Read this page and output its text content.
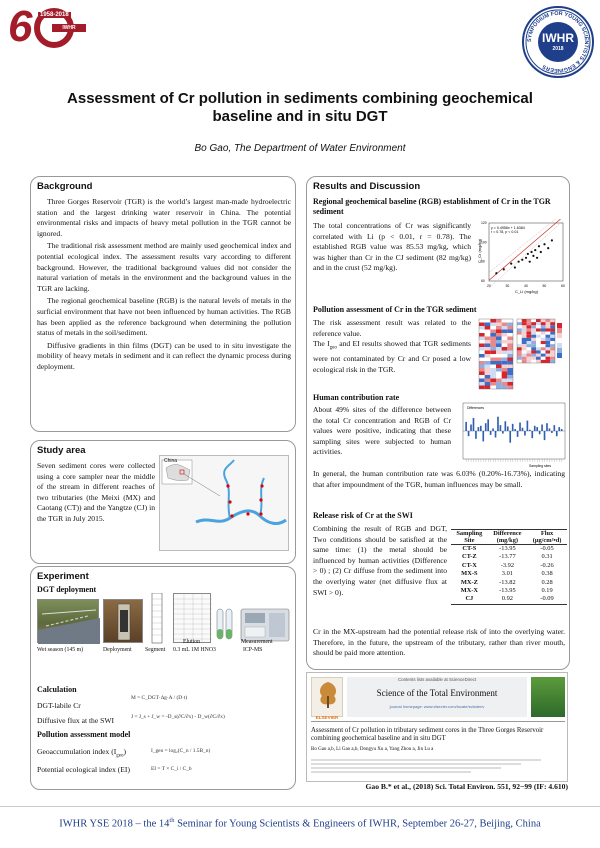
6	1958-2018
IWHR
SYMPOSIUM FOR YOUNG SCIENTISTS & ENGINEERS
IWHR
2018
Assessment of Cr pollution in sediments combining geochemical
baseline and in situ DGT
Bo Gao, The Department of Water Environment
Background

Three Gorges Reservoir (TGR) is the world’s largest man-made hydroelectric station and the largest drinking water reservoir in China. The potential environmental risks and impacts of heavy metal pollution in the TGR cannot be ignored.

The traditional risk assessment method are mainly used geochemical index and potential ecological index. The assessment results vary according to different background. However, the traditional background values did not consider the natural variation of metals in the environment and the background values in the TGR are lacking.

The regional geochemical baseline (RGB) is the natural levels of metals in the surficial environment that have not been influenced by human activities. The RGB has been applied as the reference background when determining the pollution status of metals in the soil/sediment.

Diffusive gradients in thin films (DGT) can be used to in situ investigate the mobility of heavy metals in sediment and it can reflect the dynamic process during deployment.

Study area
Seven sediment cores were collected using a core sampler near the middle of the stream in different reaches of two tributaries (the Meixi (MX) and Caotang (CT)) and the Yangtze (CJ) in the TGR in July 2015.
China
Experiment
DGT deployment
Wet season (145 m)	Deployment Segment
Elution
0.3 mL 1M HNO3
Measurement
ICP-MS
Calculation
DGT-labile Cr
Diffusive flux at the SWI
M = C_DGT·Δg·A / (D·t)
J = J_s + J_w = -D_s(∂C/∂x) - D_w(∂C/∂x)
Pollution assessment model
Geoaccumulation index $(I_{geo})$
Potential ecological index (EI)
I_geo = log₂(C_n / 1.5B_n)
EI = T × C_i / C_b
Results and Discussion
Regional geochemical baseline (RGB) establishment of Cr in the TGR sediment
The total concentrations of Cr was significantly correlated with Li (p < 0.01, r = 0.78). The established RGB value was 85.53 mg/kg, which was higher than Cr in the CJ sediment (82 mg/kg) and in the crust (52 mg/kg).
y = 0.4956x + 1.6384
r = 0.78, p < 0.01
C_Li (mg/kg)
C_Cr (mg/kg)
20	30	40	50	60
60
80
100
120
Pollution assessment of Cr in the TGR sediment
The risk assessment result was related to the reference value.
The $I_{geo}$ and EI results showed that TGR sediments were not contaminated by Cr and Cr posed a low ecological risk in the TGR.
Human contribution rate
About 49% sites of the difference between the total Cr concentration and RGB of Cr values were positive, indicating that these sampling sites were subjected to human activities.
In general, the human contribution rate was 6.03% (0.20%-16.73%), indicating that after impoundment of the TGR, human influences may be small.
Differences
Sampling sites
Release risk of Cr at the SWI
Combining the result of RGB and DGT, Two conditions should be satisfied at the same time: (1) the metal should be influenced by human activities (Difference > 0) ; (2) Cr diffuse from the sediment into the overlying water (net diffusive flux at SWI > 0).
Sampling	Difference	Flux
Site	(mg/kg)	(μg/cm²•d)
CT-S	-13.95	-0.05
CT-Z	-13.77	0.31
CT-X	-3.92	-0.26
MX-S	3.01	0.38
MX-Z	-13.82	0.28
MX-X	-13.95	0.19
CJ	0.92	-0.09
Cr in the MX-upstream had the potential release risk of into the overlying water. Therefore, in the future, the upstream of the tributary, rather than river mouth, should be paid more attention.
ELSEVIER
Contents lists available at ScienceDirect
Science of the Total Environment
journal homepage: www.elsevier.com/locate/scitotenv
Assessment of Cr pollution in tributary sediment cores in the Three Gorges Reservoir combining geochemical baseline and in situ DGT
Bo Gao a,b, Li Gao a,b, Dongyu Xu a, Yang Zhou a, Jin Lu a
Gao B.* et al., (2018) Sci. Total Environ. 551, 92−99 (IF: 4.610)
IWHR YSE 2018 – the 14th Seminar for Young Scientists & Engineers of IWHR, September 26-27, Beijing, China
